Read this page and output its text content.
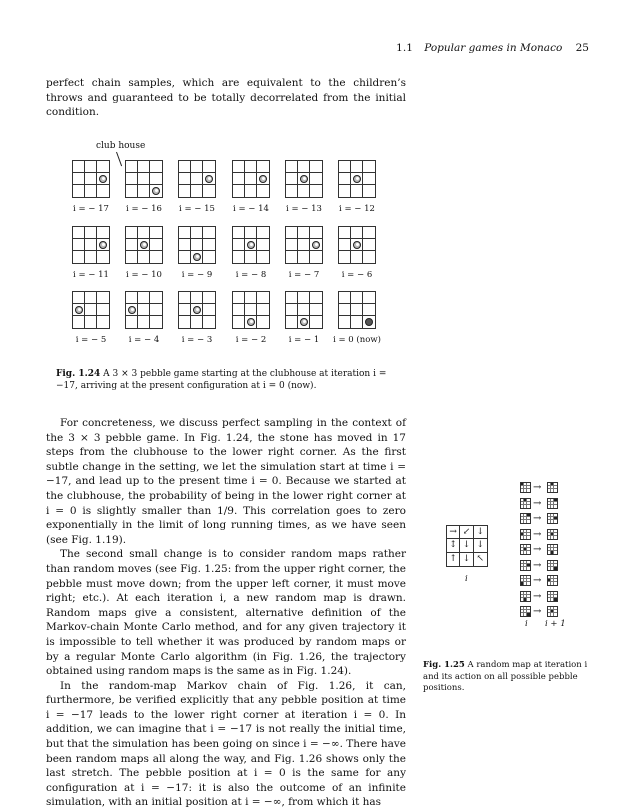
1.1 Popular games in Monaco 25

perfect chain samples, which are equivalent to the children’s throws and guaranteed to be totally decorrelated from the initial condition.

club house
i = − 17	i = − 16	i = − 15	i = − 14	i = − 13	i = − 12
i = − 11	i = − 10	i = − 9	i = − 8	i = − 7	i = − 6
i = − 5	i = − 4	i = − 3	i = − 2	i = − 1	i = 0 (now)
Fig. 1.24 A 3 × 3 pebble game starting at the clubhouse at iteration i = −17, arriving at the present configuration at i = 0 (now).

For concreteness, we discuss perfect sampling in the context of the 3 × 3 pebble game. In Fig. 1.24, the stone has moved in 17 steps from the clubhouse to the lower right corner. As the first subtle change in the setting, we let the simulation start at time i = −17, and lead up to the present time i = 0. Because we started at the clubhouse, the probability of being in the lower right corner at i = 0 is slightly smaller than 1/9. This correlation goes to zero exponentially in the limit of long running times, as we have seen (see Fig. 1.19).

The second small change is to consider random maps rather than random moves (see Fig. 1.25: from the upper right corner, the pebble must move down; from the upper left corner, it must move right; etc.). At each iteration i, a new random map is drawn. Random maps give a consistent, alternative definition of the Markov-chain Monte Carlo method, and for any given trajectory it is impossible to tell whether it was produced by random maps or by a regular Monte Carlo algorithm (in Fig. 1.26, the trajectory obtained using random maps is the same as in Fig. 1.24).

In the random-map Markov chain of Fig. 1.26, it can, furthermore, be verified explicitly that any pebble position at time i = −17 leads to the lower right corner at iteration i = 0. In addition, we can imagine that i = −17 is not really the initial time, but that the simulation has been going on since i = −∞. There have been random maps all along the way, and Fig. 1.26 shows only the last stretch. The pebble position at i = 0 is the same for any configuration at i = −17: it is also the outcome of an infinite simulation, with an initial position at i = −∞, from which it has

→ ↙ ↓
↕ ↓ ↓
↑ ↓ ↖
i
→
→
→
→
→
→
→
→
→
i i + 1
Fig. 1.25 A random map at iteration i and its action on all possible pebble positions.
